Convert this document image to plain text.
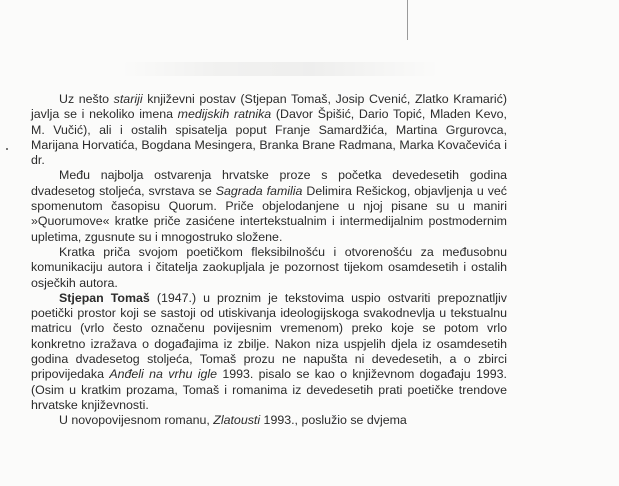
Uz nešto stariji književni postav (Stjepan Tomaš, Josip Cvenić, Zlatko Kramarić) javlja se i nekoliko imena medijskih ratnika (Davor Špišić, Dario Topić, Mladen Kevo, M. Vučić), ali i ostalih spisatelja poput Franje Samardžića, Martina Grgurovca, Marijana Horvatića, Bogdana Mesingera, Branka Brane Radmana, Marka Kovačevića i dr.

Među najbolja ostvarenja hrvatske proze s početka devedesetih godina dvadesetog stoljeća, svrstava se Sagrada familia Delimira Rešickog, objavljenja u već spomenutom časopisu Quorum. Priče objelodanjene u njoj pisane su u maniri »Quorumove« kratke priče zasićene intertekstualnim i intermedijalnim postmodernim upletima, zgusnute su i mnogostruko složene.

Kratka priča svojom poetičkom fleksibilnošću i otvorenošću za međusobnu komunikaciju autora i čitatelja zaokupljala je pozornost tijekom osamdesetih i ostalih osječkih autora.

Stjepan Tomaš (1947.) u proznim je tekstovima uspio ostvariti prepoznatljiv poetički prostor koji se sastoji od utiskivanja ideologijskoga svakodnevlja u tekstualnu matricu (vrlo često označenu povijesnim vremenom) preko koje se potom vrlo konkretno izražava o događajima iz zbilje. Nakon niza uspjelih djela iz osamdesetih godina dvadesetog stoljeća, Tomaš prozu ne napušta ni devedesetih, a o zbirci pripovijedaka Anđeli na vrhu igle 1993. pisalo se kao o književnom događaju 1993. (Osim u kratkim prozama, Tomaš i romanima iz devedesetih prati poetičke trendove hrvatske književnosti.

U novopovijesnom romanu, Zlatousti 1993., poslužio se dvjema
